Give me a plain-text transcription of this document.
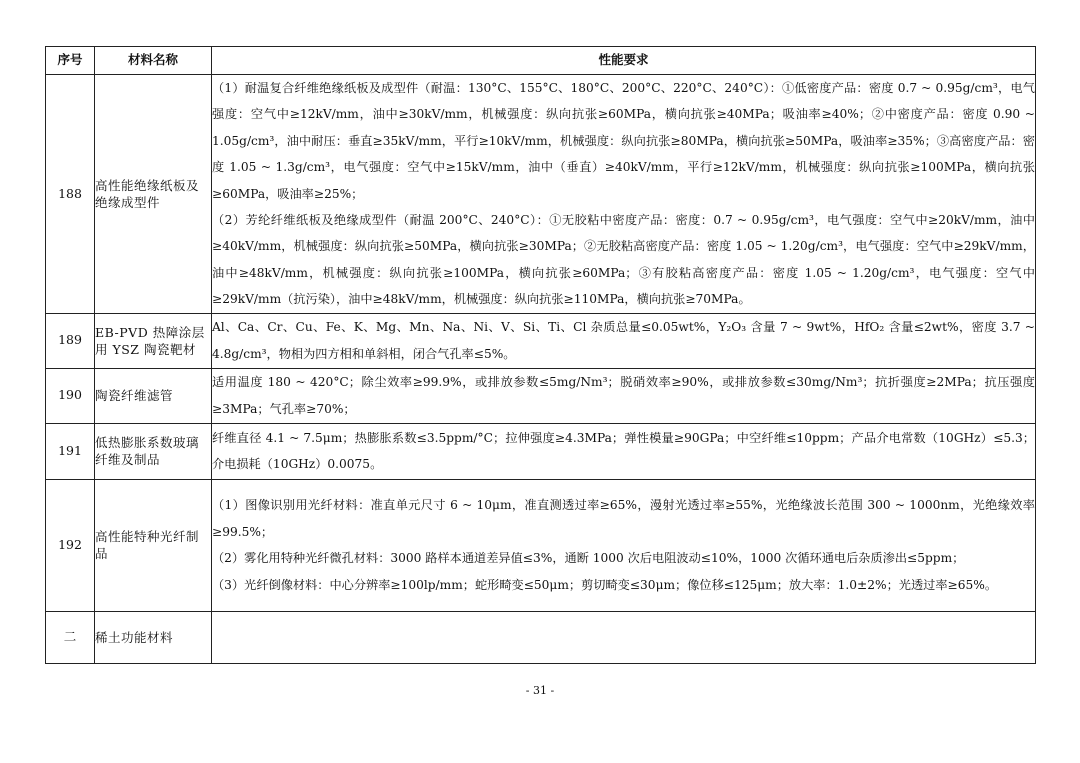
序号	材料名称	性能要求
188	高性能绝缘纸板及绝缘成型件	（1）耐温复合纤维绝缘纸板及成型件（耐温：130°C、155°C、180°C、200°C、220°C、240°C）：①低密度产品：密度 0.7 ~ 0.95g/cm³，电气强度：空气中≥12kV/mm，油中≥30kV/mm，机械强度：纵向抗张≥60MPa，横向抗张≥40MPa；吸油率≥40%；②中密度产品：密度 0.90 ~ 1.05g/cm³，油中耐压：垂直≥35kV/mm，平行≥10kV/mm，机械强度：纵向抗张≥80MPa，横向抗张≥50MPa，吸油率≥35%；③高密度产品：密度 1.05 ~ 1.3g/cm³，电气强度：空气中≥15kV/mm，油中（垂直）≥40kV/mm，平行≥12kV/mm，机械强度：纵向抗张≥100MPa，横向抗张≥60MPa，吸油率≥25%；
（2）芳纶纤维纸板及绝缘成型件（耐温 200°C、240°C）：①无胶粘中密度产品：密度：0.7 ~ 0.95g/cm³，电气强度：空气中≥20kV/mm，油中≥40kV/mm，机械强度：纵向抗张≥50MPa，横向抗张≥30MPa；②无胶粘高密度产品：密度 1.05 ~ 1.20g/cm³，电气强度：空气中≥29kV/mm，油中≥48kV/mm，机械强度：纵向抗张≥100MPa，横向抗张≥60MPa；③有胶粘高密度产品：密度 1.05 ~ 1.20g/cm³，电气强度：空气中≥29kV/mm（抗污染），油中≥48kV/mm，机械强度：纵向抗张≥110MPa，横向抗张≥70MPa。

189	EB-PVD 热障涂层用 YSZ 陶瓷靶材	Al、Ca、Cr、Cu、Fe、K、Mg、Mn、Na、Ni、V、Si、Ti、Cl 杂质总量≤0.05wt%，Y₂O₃ 含量 7 ~ 9wt%，HfO₂ 含量≤2wt%，密度 3.7 ~ 4.8g/cm³，物相为四方相和单斜相，闭合气孔率≤5%。

190	陶瓷纤维滤管	适用温度 180 ~ 420°C；除尘效率≥99.9%，或排放参数≤5mg/Nm³；脱硝效率≥90%，或排放参数≤30mg/Nm³；抗折强度≥2MPa；抗压强度≥3MPa；气孔率≥70%；

191	低热膨胀系数玻璃纤维及制品	纤维直径 4.1 ~ 7.5μm；热膨胀系数≤3.5ppm/°C；拉伸强度≥4.3MPa；弹性模量≥90GPa；中空纤维≤10ppm；产品介电常数（10GHz）≤5.3；介电损耗（10GHz）0.0075。

192	高性能特种光纤制品	（1）图像识别用光纤材料：准直单元尺寸 6 ~ 10μm，准直测透过率≥65%，漫射光透过率≥55%，光绝缘波长范围 300 ~ 1000nm，光绝缘效率≥99.5%；
（2）雾化用特种光纤微孔材料：3000 路样本通道差异值≤3%，通断 1000 次后电阻波动≤10%，1000 次循环通电后杂质渗出≤5ppm；
（3）光纤倒像材料：中心分辨率≥100lp/mm；蛇形畸变≤50μm；剪切畸变≤30μm；像位移≤125μm；放大率：1.0±2%；光透过率≥65%。

二	稀土功能材料	
- 31 -
